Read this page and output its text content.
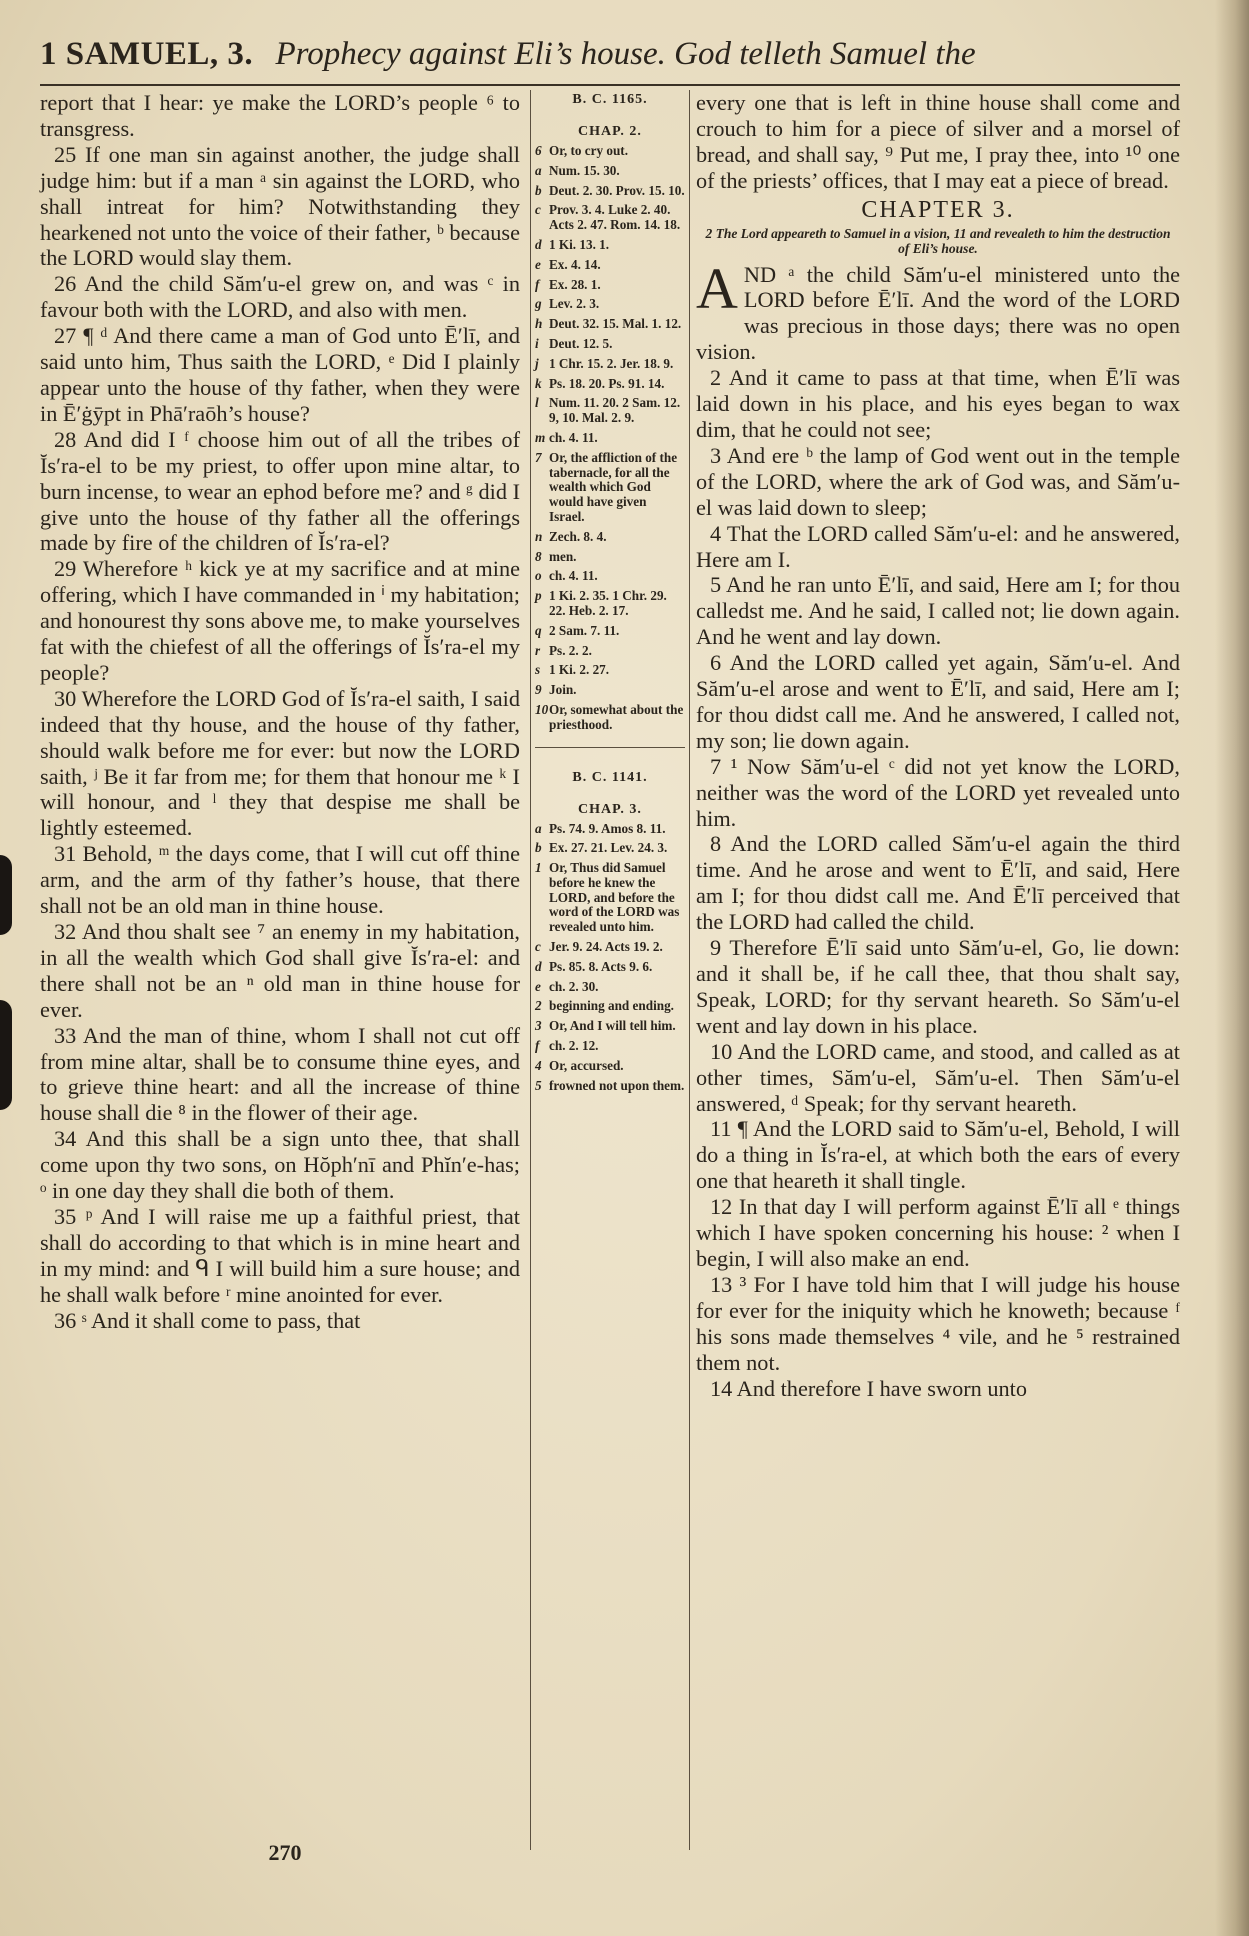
1 SAMUEL, 3. Prophecy against Eli’s house. God telleth Samuel the

report that I hear: ye make the LORD’s people ⁶ to transgress.

25 If one man sin against another, the judge shall judge him: but if a man ᵃ sin against the LORD, who shall intreat for him? Notwithstanding they hearkened not unto the voice of their father, ᵇ because the LORD would slay them.

26 And the child Săm′u-el grew on, and was ᶜ in favour both with the LORD, and also with men.

27 ¶ ᵈ And there came a man of God unto Ē′lī, and said unto him, Thus saith the LORD, ᵉ Did I plainly appear unto the house of thy father, when they were in Ē′ġȳpt in Phā′raōh’s house?

28 And did I ᶠ choose him out of all the tribes of Ĭs′ra-el to be my priest, to offer upon mine altar, to burn incense, to wear an ephod before me? and ᵍ did I give unto the house of thy father all the offerings made by fire of the children of Ĭs′ra-el?

29 Wherefore ʰ kick ye at my sacrifice and at mine offering, which I have commanded in ⁱ my habitation; and honourest thy sons above me, to make yourselves fat with the chiefest of all the offerings of Ĭs′ra-el my people?

30 Wherefore the LORD God of Ĭs′ra-el saith, I said indeed that thy house, and the house of thy father, should walk before me for ever: but now the LORD saith, ʲ Be it far from me; for them that honour me ᵏ I will honour, and ˡ they that despise me shall be lightly esteemed.

31 Behold, ᵐ the days come, that I will cut off thine arm, and the arm of thy father’s house, that there shall not be an old man in thine house.

32 And thou shalt see ⁷ an enemy in my habitation, in all the wealth which God shall give Ĭs′ra-el: and there shall not be an ⁿ old man in thine house for ever.

33 And the man of thine, whom I shall not cut off from mine altar, shall be to consume thine eyes, and to grieve thine heart: and all the increase of thine house shall die ⁸ in the flower of their age.

34 And this shall be a sign unto thee, that shall come upon thy two sons, on Hŏph′nī and Phĭn′e-has; ᵒ in one day they shall die both of them.

35 ᵖ And I will raise me up a faithful priest, that shall do according to that which is in mine heart and in my mind: and ᑫ I will build him a sure house; and he shall walk before ʳ mine anointed for ever.

36 ˢ And it shall come to pass, that

B. C. 1165.
CHAP. 2.
6 Or, to cry out.
a Num. 15. 30.
b Deut. 2. 30. Prov. 15. 10.
c Prov. 3. 4. Luke 2. 40. Acts 2. 47. Rom. 14. 18.
d 1 Ki. 13. 1.
e Ex. 4. 14.
f Ex. 28. 1.
g Lev. 2. 3.
h Deut. 32. 15. Mal. 1. 12.
i Deut. 12. 5.
j 1 Chr. 15. 2. Jer. 18. 9.
k Ps. 18. 20. Ps. 91. 14.
l Num. 11. 20. 2 Sam. 12. 9, 10. Mal. 2. 9.
m ch. 4. 11.
7 Or, the affliction of the tabernacle, for all the wealth which God would have given Israel.
n Zech. 8. 4.
8 men.
o ch. 4. 11.
p 1 Ki. 2. 35. 1 Chr. 29. 22. Heb. 2. 17.
q 2 Sam. 7. 11.
r Ps. 2. 2.
s 1 Ki. 2. 27.
9 Join.
10Or, somewhat about the priesthood.
B. C. 1141.
CHAP. 3.
a Ps. 74. 9. Amos 8. 11.
b Ex. 27. 21. Lev. 24. 3.
1 Or, Thus did Samuel before he knew the LORD, and before the word of the LORD was revealed unto him.
c Jer. 9. 24. Acts 19. 2.
d Ps. 85. 8. Acts 9. 6.
e ch. 2. 30.
2 beginning and ending.
3 Or, And I will tell him.
f ch. 2. 12.
4 Or, accursed.
5 frowned not upon them.

every one that is left in thine house shall come and crouch to him for a piece of silver and a morsel of bread, and shall say, ⁹ Put me, I pray thee, into ¹⁰ one of the priests’ offices, that I may eat a piece of bread.

CHAPTER 3.
2 The Lord appeareth to Samuel in a vision, 11 and revealeth to him the destruction of Eli’s house.

A ND ᵃ the child Săm′u-el ministered unto the LORD before Ē′lī. And the word of the LORD was precious in those days; there was no open vision.

2 And it came to pass at that time, when Ē′lī was laid down in his place, and his eyes began to wax dim, that he could not see;

3 And ere ᵇ the lamp of God went out in the temple of the LORD, where the ark of God was, and Săm′u-el was laid down to sleep;

4 That the LORD called Săm′u-el: and he answered, Here am I.

5 And he ran unto Ē′lī, and said, Here am I; for thou calledst me. And he said, I called not; lie down again. And he went and lay down.

6 And the LORD called yet again, Săm′u-el. And Săm′u-el arose and went to Ē′lī, and said, Here am I; for thou didst call me. And he answered, I called not, my son; lie down again.

7 ¹ Now Săm′u-el ᶜ did not yet know the LORD, neither was the word of the LORD yet revealed unto him.

8 And the LORD called Săm′u-el again the third time. And he arose and went to Ē′lī, and said, Here am I; for thou didst call me. And Ē′lī perceived that the LORD had called the child.

9 Therefore Ē′lī said unto Săm′u-el, Go, lie down: and it shall be, if he call thee, that thou shalt say, Speak, LORD; for thy servant heareth. So Săm′u-el went and lay down in his place.

10 And the LORD came, and stood, and called as at other times, Săm′u-el, Săm′u-el. Then Săm′u-el answered, ᵈ Speak; for thy servant heareth.

11 ¶ And the LORD said to Săm′u-el, Behold, I will do a thing in Ĭs′ra-el, at which both the ears of every one that heareth it shall tingle.

12 In that day I will perform against Ē′lī all ᵉ things which I have spoken concerning his house: ² when I begin, I will also make an end.

13 ³ For I have told him that I will judge his house for ever for the iniquity which he knoweth; because ᶠ his sons made themselves ⁴ vile, and he ⁵ restrained them not.

14 And therefore I have sworn unto

270
